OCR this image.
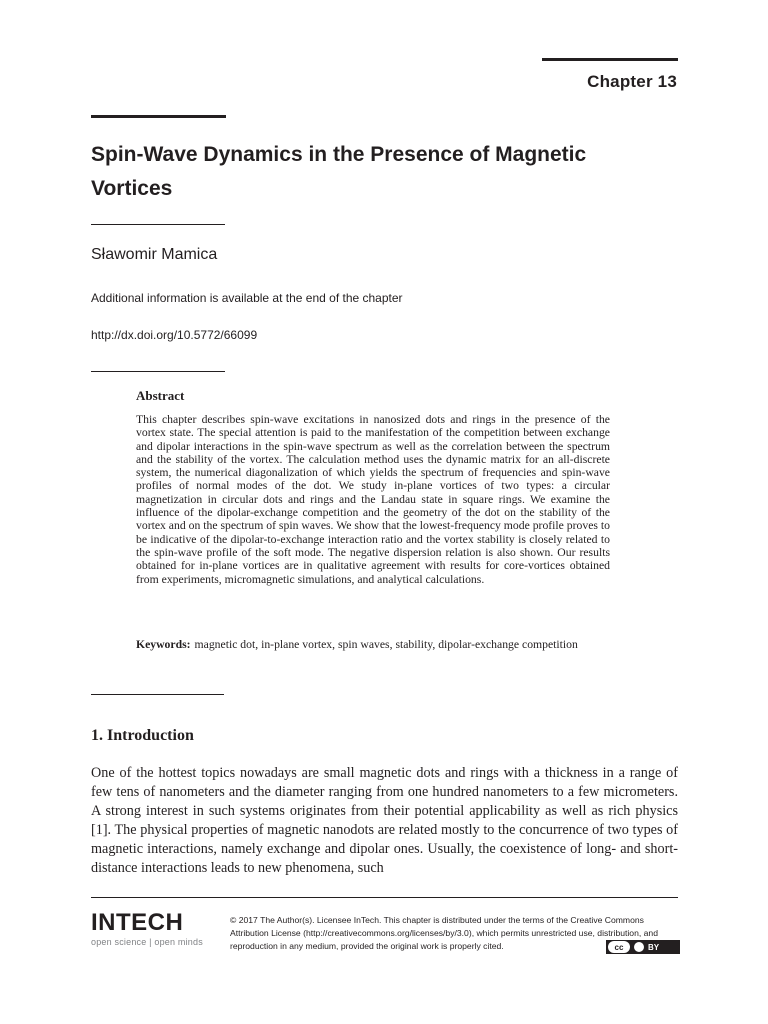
Chapter 13
Spin-Wave Dynamics in the Presence of Magnetic Vortices
Sławomir Mamica
Additional information is available at the end of the chapter
http://dx.doi.org/10.5772/66099
Abstract
This chapter describes spin-wave excitations in nanosized dots and rings in the presence of the vortex state. The special attention is paid to the manifestation of the competition between exchange and dipolar interactions in the spin-wave spectrum as well as the correlation between the spectrum and the stability of the vortex. The calculation method uses the dynamic matrix for an all-discrete system, the numerical diagonalization of which yields the spectrum of frequencies and spin-wave profiles of normal modes of the dot. We study in-plane vortices of two types: a circular magnetization in circular dots and rings and the Landau state in square rings. We examine the influence of the dipolar-exchange competition and the geometry of the dot on the stability of the vortex and on the spectrum of spin waves. We show that the lowest-frequency mode profile proves to be indicative of the dipolar-to-exchange interaction ratio and the vortex stability is closely related to the spin-wave profile of the soft mode. The negative dispersion relation is also shown. Our results obtained for in-plane vortices are in qualitative agreement with results for core-vortices obtained from experiments, micromagnetic simulations, and analytical calculations.
Keywords: magnetic dot, in-plane vortex, spin waves, stability, dipolar-exchange competition
1. Introduction
One of the hottest topics nowadays are small magnetic dots and rings with a thickness in a range of few tens of nanometers and the diameter ranging from one hundred nanometers to a few micrometers. A strong interest in such systems originates from their potential applicability as well as rich physics [1]. The physical properties of magnetic nanodots are related mostly to the concurrence of two types of magnetic interactions, namely exchange and dipolar ones. Usually, the coexistence of long- and short-distance interactions leads to new phenomena, such
INTECH
open science | open minds
© 2017 The Author(s). Licensee InTech. This chapter is distributed under the terms of the Creative Commons Attribution License (http://creativecommons.org/licenses/by/3.0), which permits unrestricted use, distribution, and reproduction in any medium, provided the original work is properly cited.	cc	BY
